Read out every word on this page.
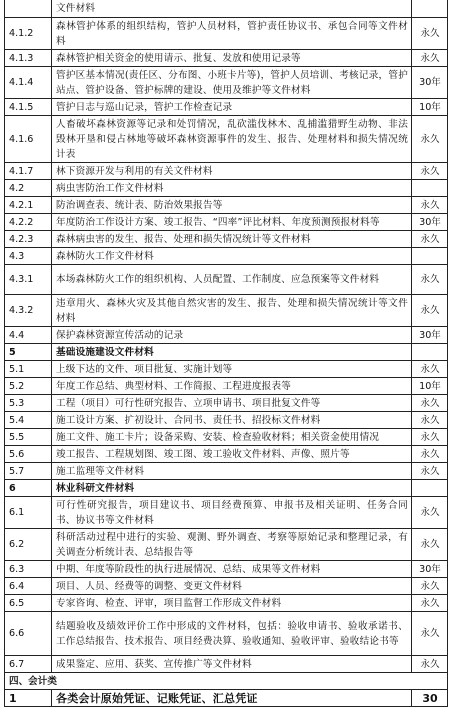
	文件材料	
4.1.2	森林管护体系的组织结构，管护人员材料，管护责任协议书、承包合同等文件材料	永久
4.1.3	森林管护相关资金的使用请示、批复、发放和使用记录等	永久
4.1.4	管护区基本情况(责任区、分布图、小班卡片等)，管护人员培训、考核记录，管护站点、管护设备、管护标牌的建设、使用及维护等文件材料	30年
4.1.5	管护日志与巡山记录，管护工作检查记录	10年
4.1.6	人畜破坏森林资源等记录和处罚情况，乱砍滥伐林木、乱捕滥猎野生动物、非法毁林开垦和侵占林地等破坏森林资源事件的发生、报告、处理材料和损失情况统计表	永久
4.1.7	林下资源开发与利用的有关文件材料	永久
4.2	病虫害防治工作文件材料	
4.2.1	防治调查表、统计表、防治效果报告等	永久
4.2.2	年度防治工作设计方案、竣工报告、“四率”评比材料、年度预测预报材料等	30年
4.2.3	森林病虫害的发生、报告、处理和损失情况统计等文件材料	永久
4.3	森林防火工作文件材料	
4.3.1	本场森林防火工作的组织机构、人员配置、工作制度、应急预案等文件材料	永久
4.3.2	违章用火、森林火灾及其他自然灾害的发生、报告、处理和损失情况统计等文件材料	永久
4.4	保护森林资源宣传活动的记录	30年
5	基础设施建设文件材料	
5.1	上级下达的文件、项目批复、实施计划等	永久
5.2	年度工作总结、典型材料、工作简报、工程进度报表等	10年
5.3	工程（项目）可行性研究报告、立项申请书、项目批复文件等	永久
5.4	施工设计方案、扩初设计、合同书、责任书、招投标文件材料	永久
5.5	施工文件、施工卡片；设备采购、安装、检查验收材料；相关资金使用情况	永久
5.6	竣工报告、工程规划图、竣工图、竣工验收文件材料、声像、照片等	永久
5.7	施工监理等文件材料	永久
6	林业科研文件材料	
6.1	可行性研究报告，项目建议书、项目经费预算、申报书及相关证明、任务合同书、协议书等文件材料	永久
6.2	科研活动过程中进行的实验、观测、野外调查、考察等原始记录和整理记录，有关调查分析统计表、总结报告等	永久
6.3	中期、年度等阶段性的执行进展情况、总结、成果等文件材料	30年
6.4	项目、人员、经费等的调整、变更文件材料	永久
6.5	专家咨询、检查、评审，项目监督工作形成文件材料	永久
6.6	结题验收及绩效评价工作中形成的文件材料，包括：验收申请书、验收承诺书、工作总结报告、技术报告、项目经费决算、验收通知、验收评审、验收结论书等	永久
6.7	成果鉴定、应用、获奖、宣传推广等文件材料	永久
四、会计类		
1	各类会计原始凭证、记账凭证、汇总凭证	30
